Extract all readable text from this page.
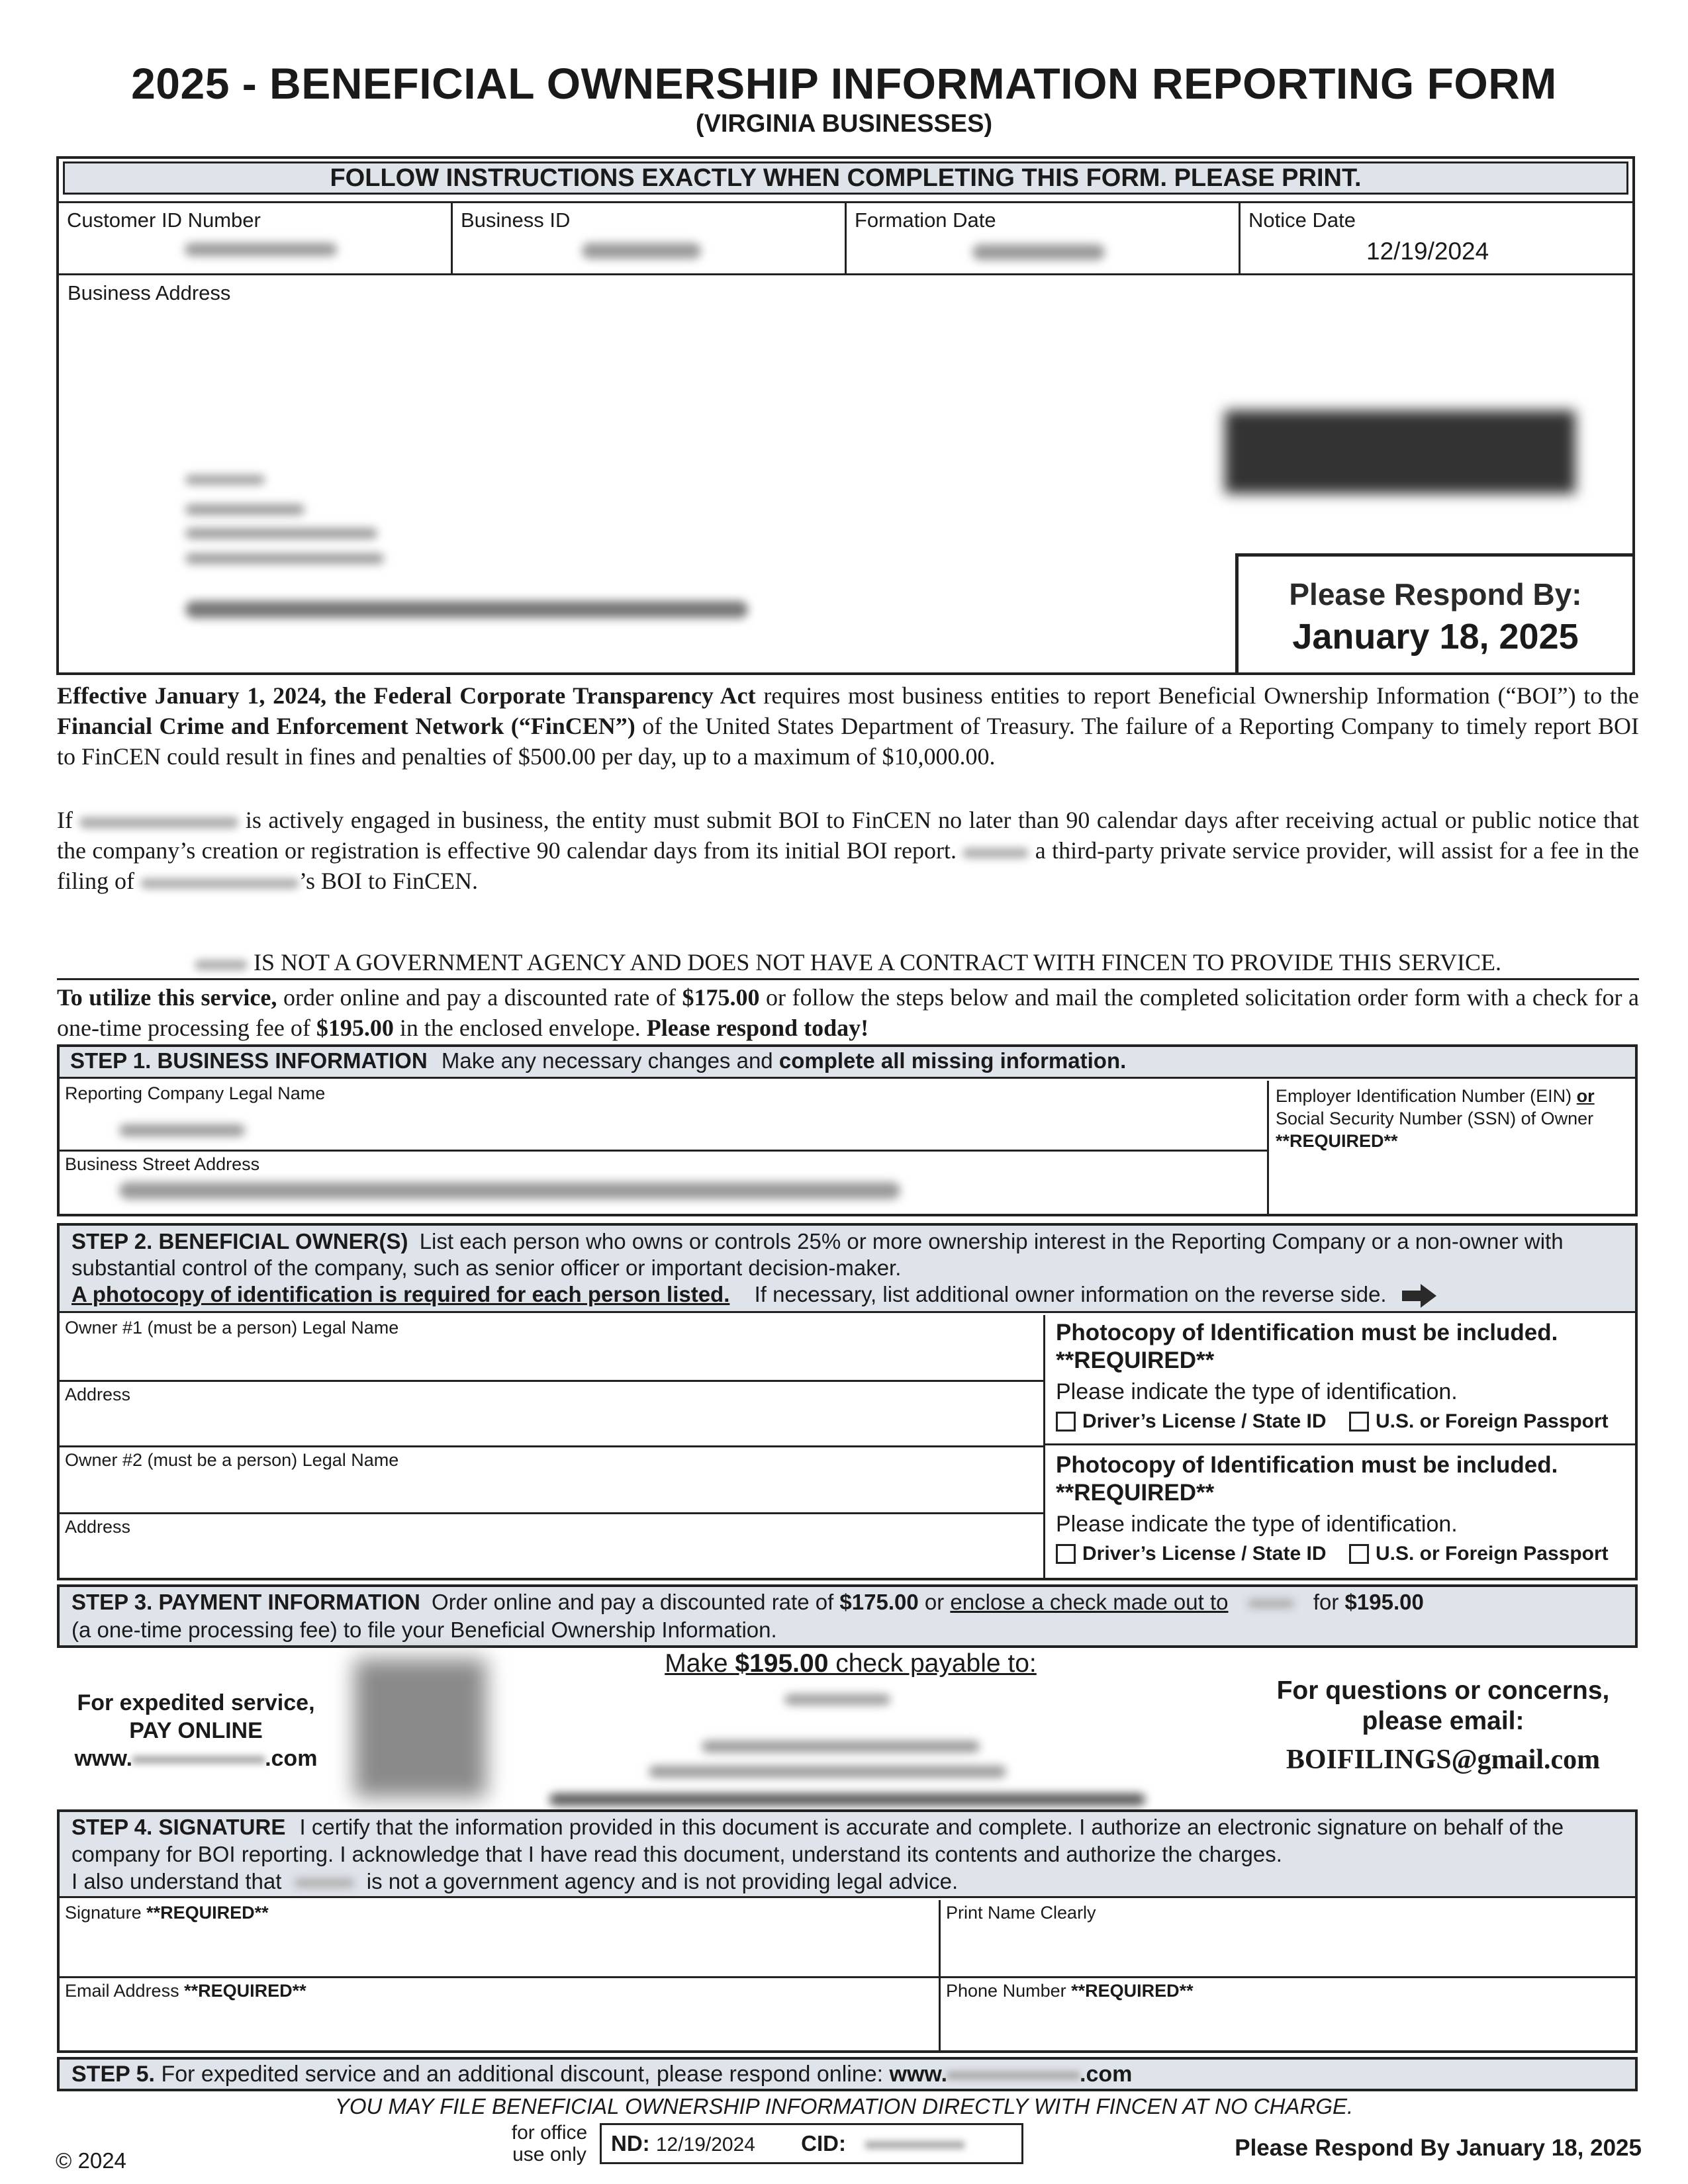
2025 - BENEFICIAL OWNERSHIP INFORMATION REPORTING FORM
(VIRGINIA BUSINESSES)
FOLLOW INSTRUCTIONS EXACTLY WHEN COMPLETING THIS FORM. PLEASE PRINT.
Customer ID Number	Business ID	Formation Date	Notice Date
12/19/2024
Business Address
Please Respond By:
January 18, 2025
Effective January 1, 2024, the Federal Corporate Transparency Act requires most business entities to report Beneficial Ownership Information (“BOI”) to the Financial Crime and Enforcement Network (“FinCEN”) of the United States Department of Treasury. The failure of a Reporting Company to timely report BOI to FinCEN could result in fines and penalties of $500.00 per day, up to a maximum of $10,000.00.
If	is actively engaged in business, the entity must submit BOI to FinCEN no later than 90 calendar days after receiving actual or public notice that the company’s creation or registration is effective 90 calendar days from its initial BOI report.	a third-party private service provider, will assist for a fee in the filing of	’s BOI to FinCEN.
IS NOT A GOVERNMENT AGENCY AND DOES NOT HAVE A CONTRACT WITH FINCEN TO PROVIDE THIS SERVICE.
To utilize this service, order online and pay a discounted rate of $175.00 or follow the steps below and mail the completed solicitation order form with a check for a one-time processing fee of $195.00 in the enclosed envelope. Please respond today!
STEP 1. BUSINESS INFORMATION Make any necessary changes and complete all missing information.
Reporting Company Legal Name
Business Street Address
Employer Identification Number (EIN) or
Social Security Number (SSN) of Owner
**REQUIRED**
STEP 2. BENEFICIAL OWNER(S) List each person who owns or controls 25% or more ownership interest in the Reporting Company or a non-owner with substantial control of the company, such as senior officer or important decision-maker.
A photocopy of identification is required for each person listed. If necessary, list additional owner information on the reverse side.
Owner #1 (must be a person) Legal Name
Address
Photocopy of Identification must be included.
**REQUIRED**
Please indicate the type of identification.
Driver’s License / State ID U.S. or Foreign Passport
Owner #2 (must be a person) Legal Name
Address
Photocopy of Identification must be included.
**REQUIRED**
Please indicate the type of identification.
Driver’s License / State ID U.S. or Foreign Passport
STEP 3. PAYMENT INFORMATION Order online and pay a discounted rate of $175.00 or enclose a check made out to	for $195.00
(a one-time processing fee) to file your Beneficial Ownership Information.
For expedited service,
PAY ONLINE
www.	.com
Make $195.00 check payable to:
For questions or concerns,
please email:
BOIFILINGS@gmail.com
STEP 4. SIGNATURE I certify that the information provided in this document is accurate and complete. I authorize an electronic signature on behalf of the company for BOI reporting. I acknowledge that I have read this document, understand its contents and authorize the charges.
I also understand that	is not a government agency and is not providing legal advice.
Signature **REQUIRED**	Print Name Clearly
Email Address **REQUIRED**	Phone Number **REQUIRED**
STEP 5. For expedited service and an additional discount, please respond online: www.	.com
YOU MAY FILE BENEFICIAL OWNERSHIP INFORMATION DIRECTLY WITH FINCEN AT NO CHARGE.
© 2024
for office
use only	ND: 12/19/2024 CID:	Please Respond By January 18, 2025
